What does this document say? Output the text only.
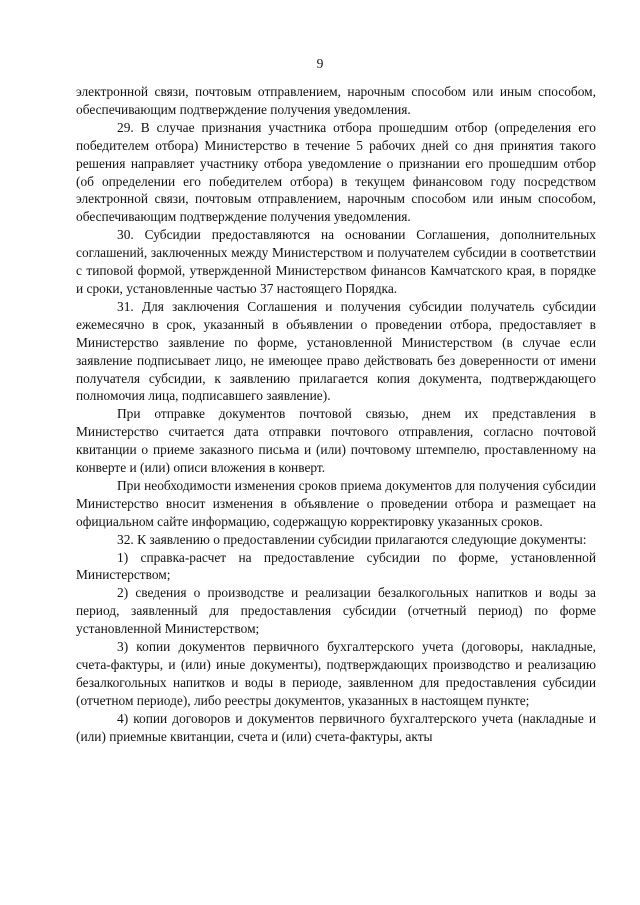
9

электронной связи, почтовым отправлением, нарочным способом или иным способом, обеспечивающим подтверждение получения уведомления.

29. В случае признания участника отбора прошедшим отбор (определения его победителем отбора) Министерство в течение 5 рабочих дней со дня принятия такого решения направляет участнику отбора уведомление о признании его прошедшим отбор (об определении его победителем отбора) в текущем финансовом году посредством электронной связи, почтовым отправлением, нарочным способом или иным способом, обеспечивающим подтверждение получения уведомления.

30. Субсидии предоставляются на основании Соглашения, дополнительных соглашений, заключенных между Министерством и получателем субсидии в соответствии с типовой формой, утвержденной Министерством финансов Камчатского края, в порядке и сроки, установленные частью 37 настоящего Порядка.

31. Для заключения Соглашения и получения субсидии получатель субсидии ежемесячно в срок, указанный в объявлении о проведении отбора, предоставляет в Министерство заявление по форме, установленной Министерством (в случае если заявление подписывает лицо, не имеющее право действовать без доверенности от имени получателя субсидии, к заявлению прилагается копия документа, подтверждающего полномочия лица, подписавшего заявление).

При отправке документов почтовой связью, днем их представления в Министерство считается дата отправки почтового отправления, согласно почтовой квитанции о приеме заказного письма и (или) почтовому штемпелю, проставленному на конверте и (или) описи вложения в конверт.

При необходимости изменения сроков приема документов для получения субсидии Министерство вносит изменения в объявление о проведении отбора и размещает на официальном сайте информацию, содержащую корректировку указанных сроков.

32. К заявлению о предоставлении субсидии прилагаются следующие документы:

1) справка-расчет на предоставление субсидии по форме, установленной Министерством;

2) сведения о производстве и реализации безалкогольных напитков и воды за период, заявленный для предоставления субсидии (отчетный период) по форме установленной Министерством;

3) копии документов первичного бухгалтерского учета (договоры, накладные, счета-фактуры, и (или) иные документы), подтверждающих производство и реализацию безалкогольных напитков и воды в периоде, заявленном для предоставления субсидии (отчетном периоде), либо реестры документов, указанных в настоящем пункте;

4) копии договоров и документов первичного бухгалтерского учета (накладные и (или) приемные квитанции, счета и (или) счета-фактуры, акты
